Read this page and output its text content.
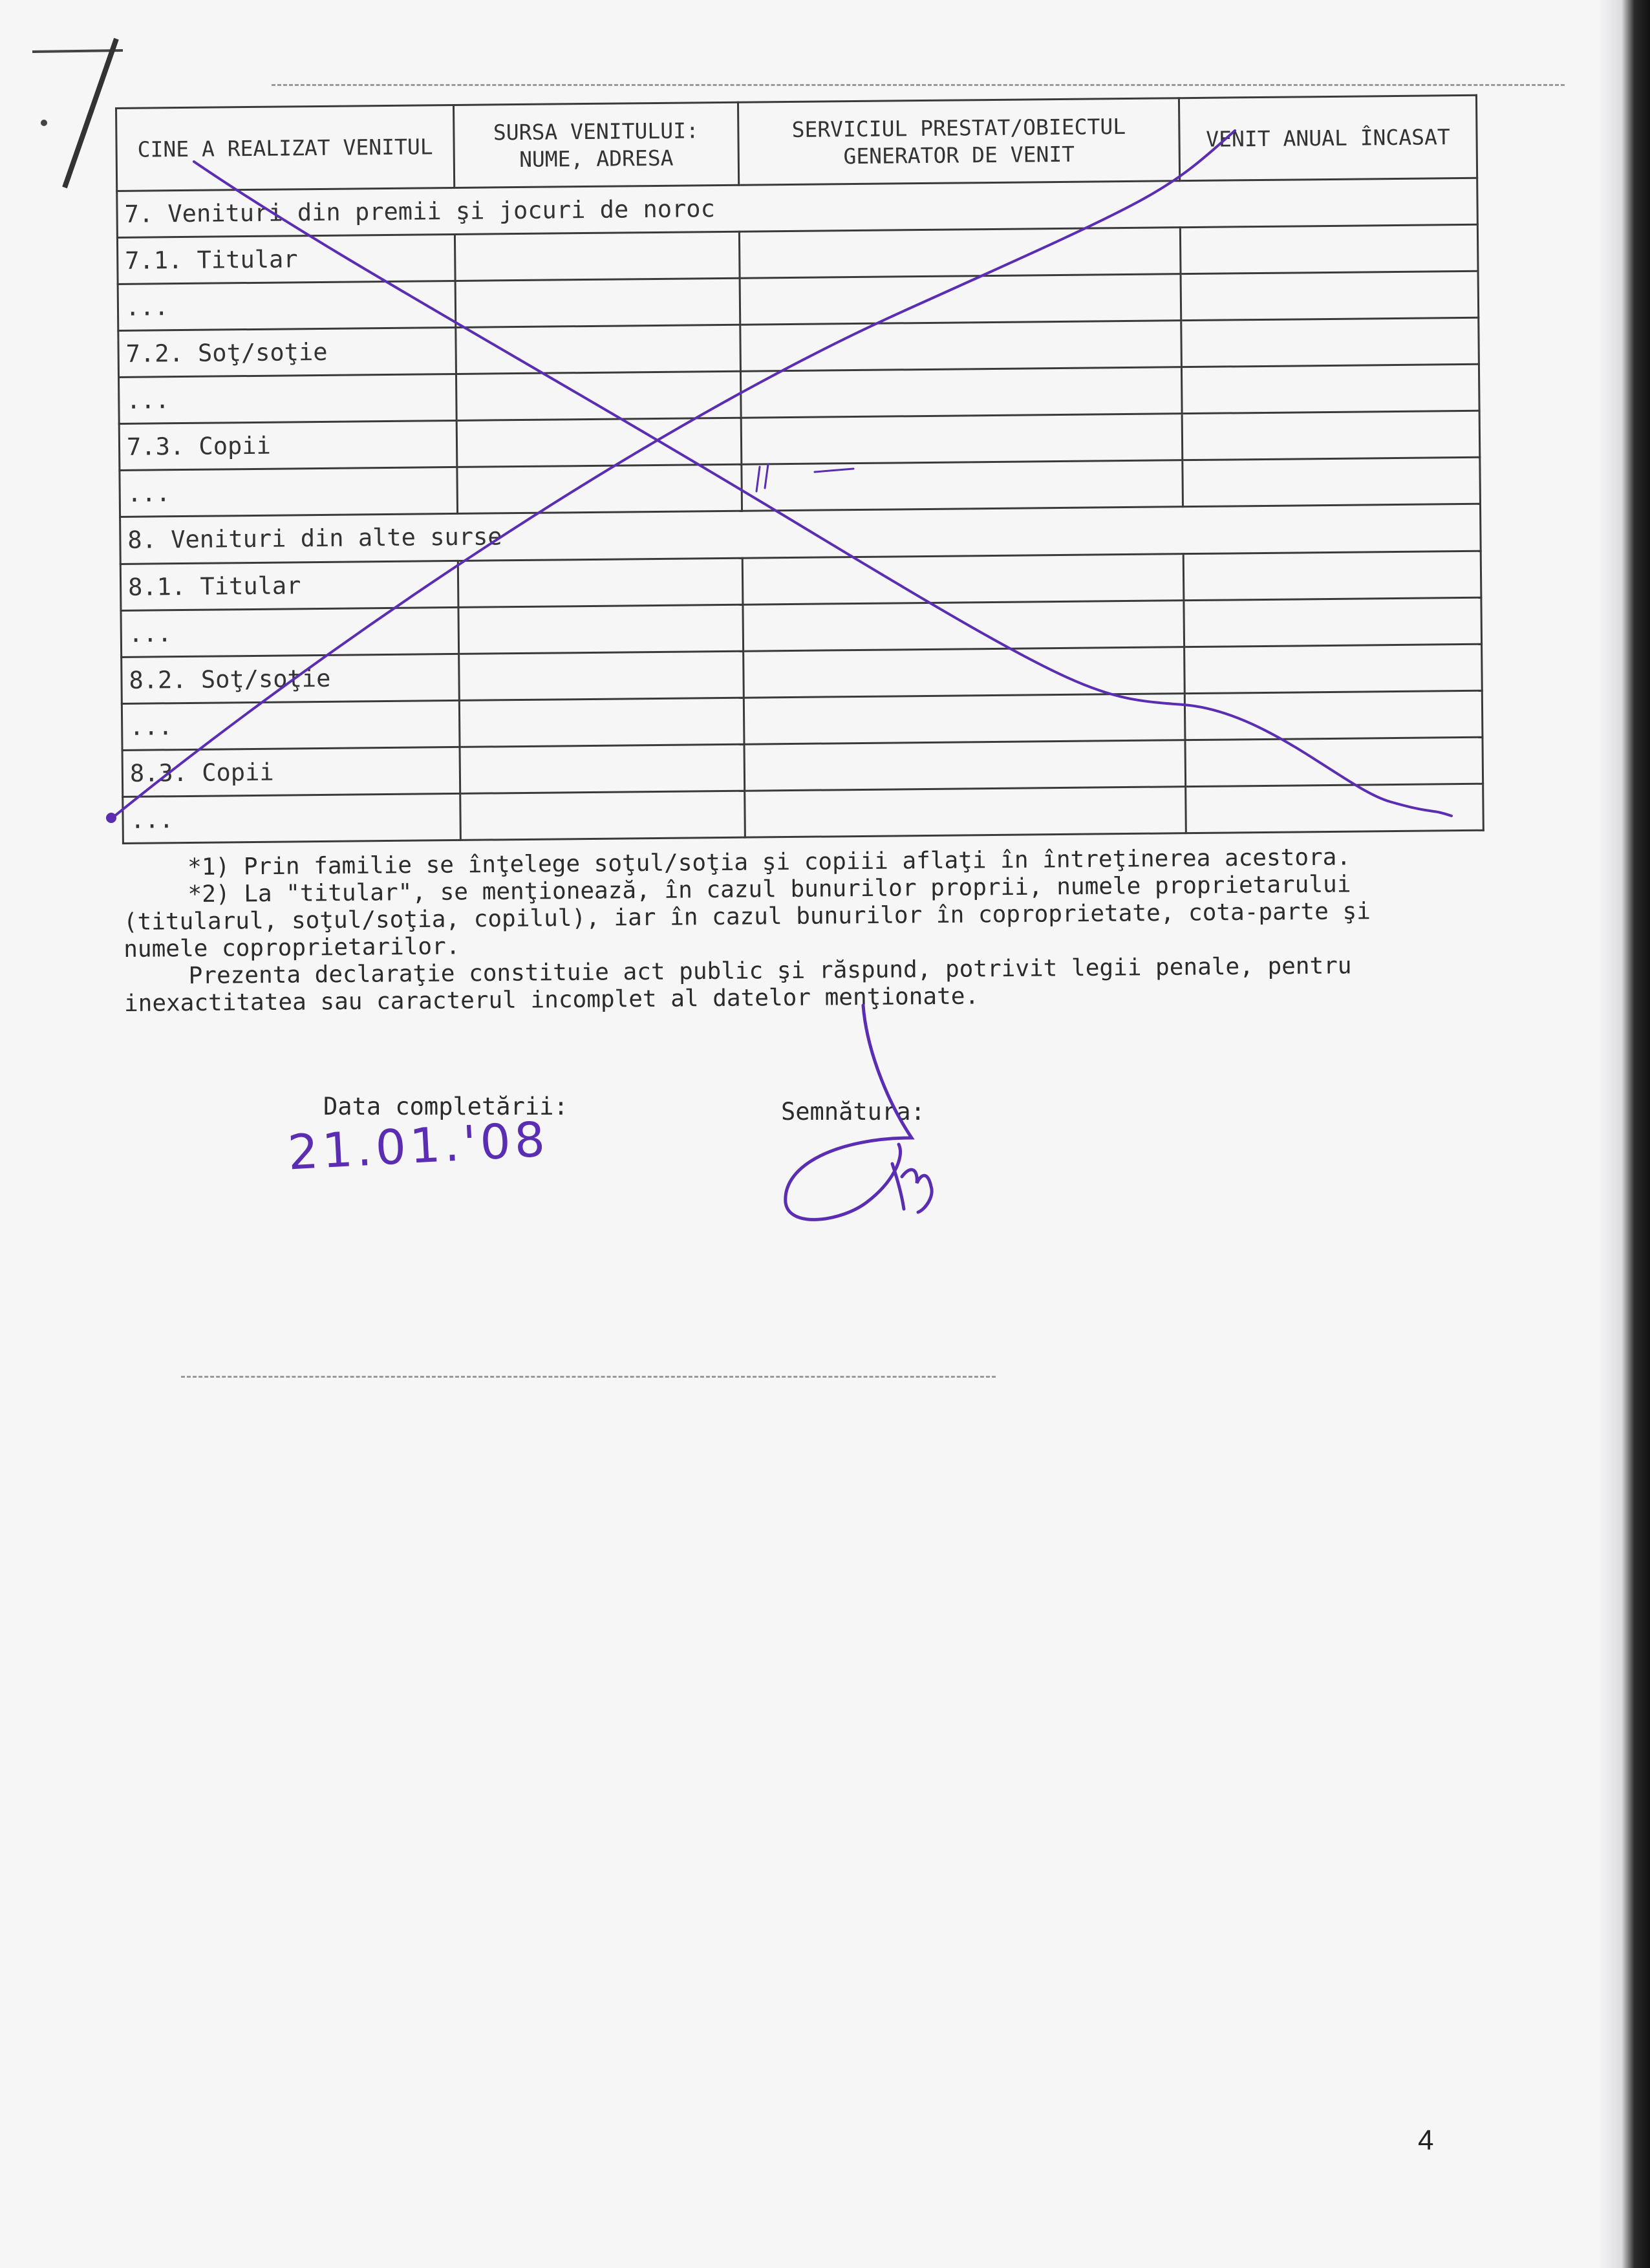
CINE A REALIZAT VENITUL	SURSA VENITULUI: NUME, ADRESA	SERVICIUL PRESTAT/OBIECTUL GENERATOR DE VENIT	VENIT ANUAL ÎNCASAT
7. Venituri din premii şi jocuri de noroc			
7.1. Titular			
...			
7.2. Soţ/soţie			
...			
7.3. Copii			
...			
8. Venituri din alte surse			
8.1. Titular			
...			
8.2. Soţ/soţie			
...			
8.3. Copii			
...			

*1) Prin familie se înţelege soţul/soţia şi copiii aflaţi în întreţinerea acestora.

*2) La "titular", se menţionează, în cazul bunurilor proprii, numele proprietarului (titularul, soţul/soţia, copilul), iar în cazul bunurilor în coproprietate, cota-parte şi numele coproprietarilor.

Prezenta declaraţie constituie act public şi răspund, potrivit legii penale, pentru inexactitatea sau caracterul incomplet al datelor menţionate.

Data completării:
21.01.'08	Semnătura:
4
